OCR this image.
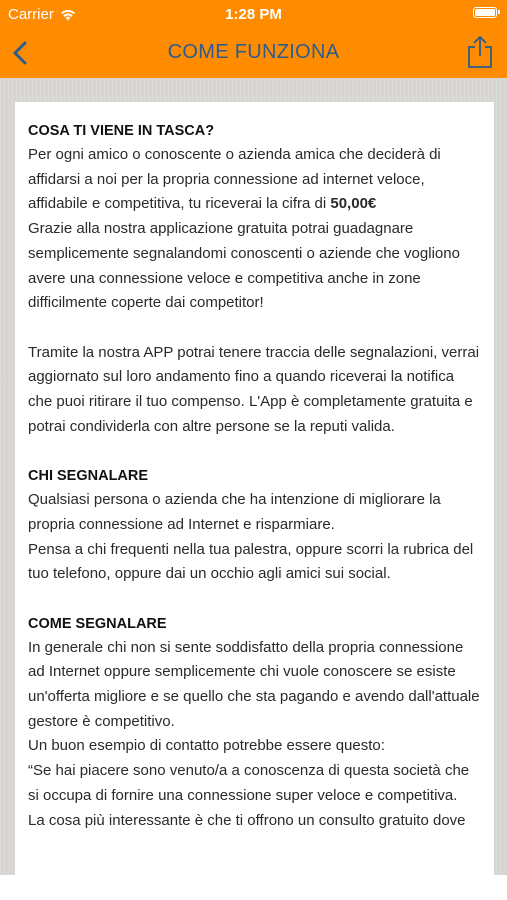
Carrier	1:28 PM
COME FUNZIONA
COSA TI VIENE IN TASCA?

Per ogni amico o conoscente o azienda amica che deciderà di affidarsi a noi per la propria connessione ad internet veloce, affidabile e competitiva, tu riceverai la cifra di 50,00€

Grazie alla nostra applicazione gratuita potrai guadagnare semplicemente segnalandomi conoscenti o aziende che vogliono avere una connessione veloce e competitiva anche in zone difficilmente coperte dai competitor!

Tramite la nostra APP potrai tenere traccia delle segnalazioni, verrai aggiornato sul loro andamento fino a quando riceverai la notifica che puoi ritirare il tuo compenso. L'App è completamente gratuita e potrai condividerla con altre persone se la reputi valida.

CHI SEGNALARE

Qualsiasi persona o azienda che ha intenzione di migliorare la propria connessione ad Internet e risparmiare.

Pensa a chi frequenti nella tua palestra, oppure scorri la rubrica del tuo telefono, oppure dai un occhio agli amici sui social.

COME SEGNALARE

In generale chi non si sente soddisfatto della propria connessione ad Internet oppure semplicemente chi vuole conoscere se esiste un'offerta migliore e se quello che sta pagando e avendo dall'attuale gestore è competitivo.

Un buon esempio di contatto potrebbe essere questo:

“Se hai piacere sono venuto/a a conoscenza di questa società che si occupa di fornire una connessione super veloce e competitiva.

La cosa più interessante è che ti offrono un consulto gratuito dove
